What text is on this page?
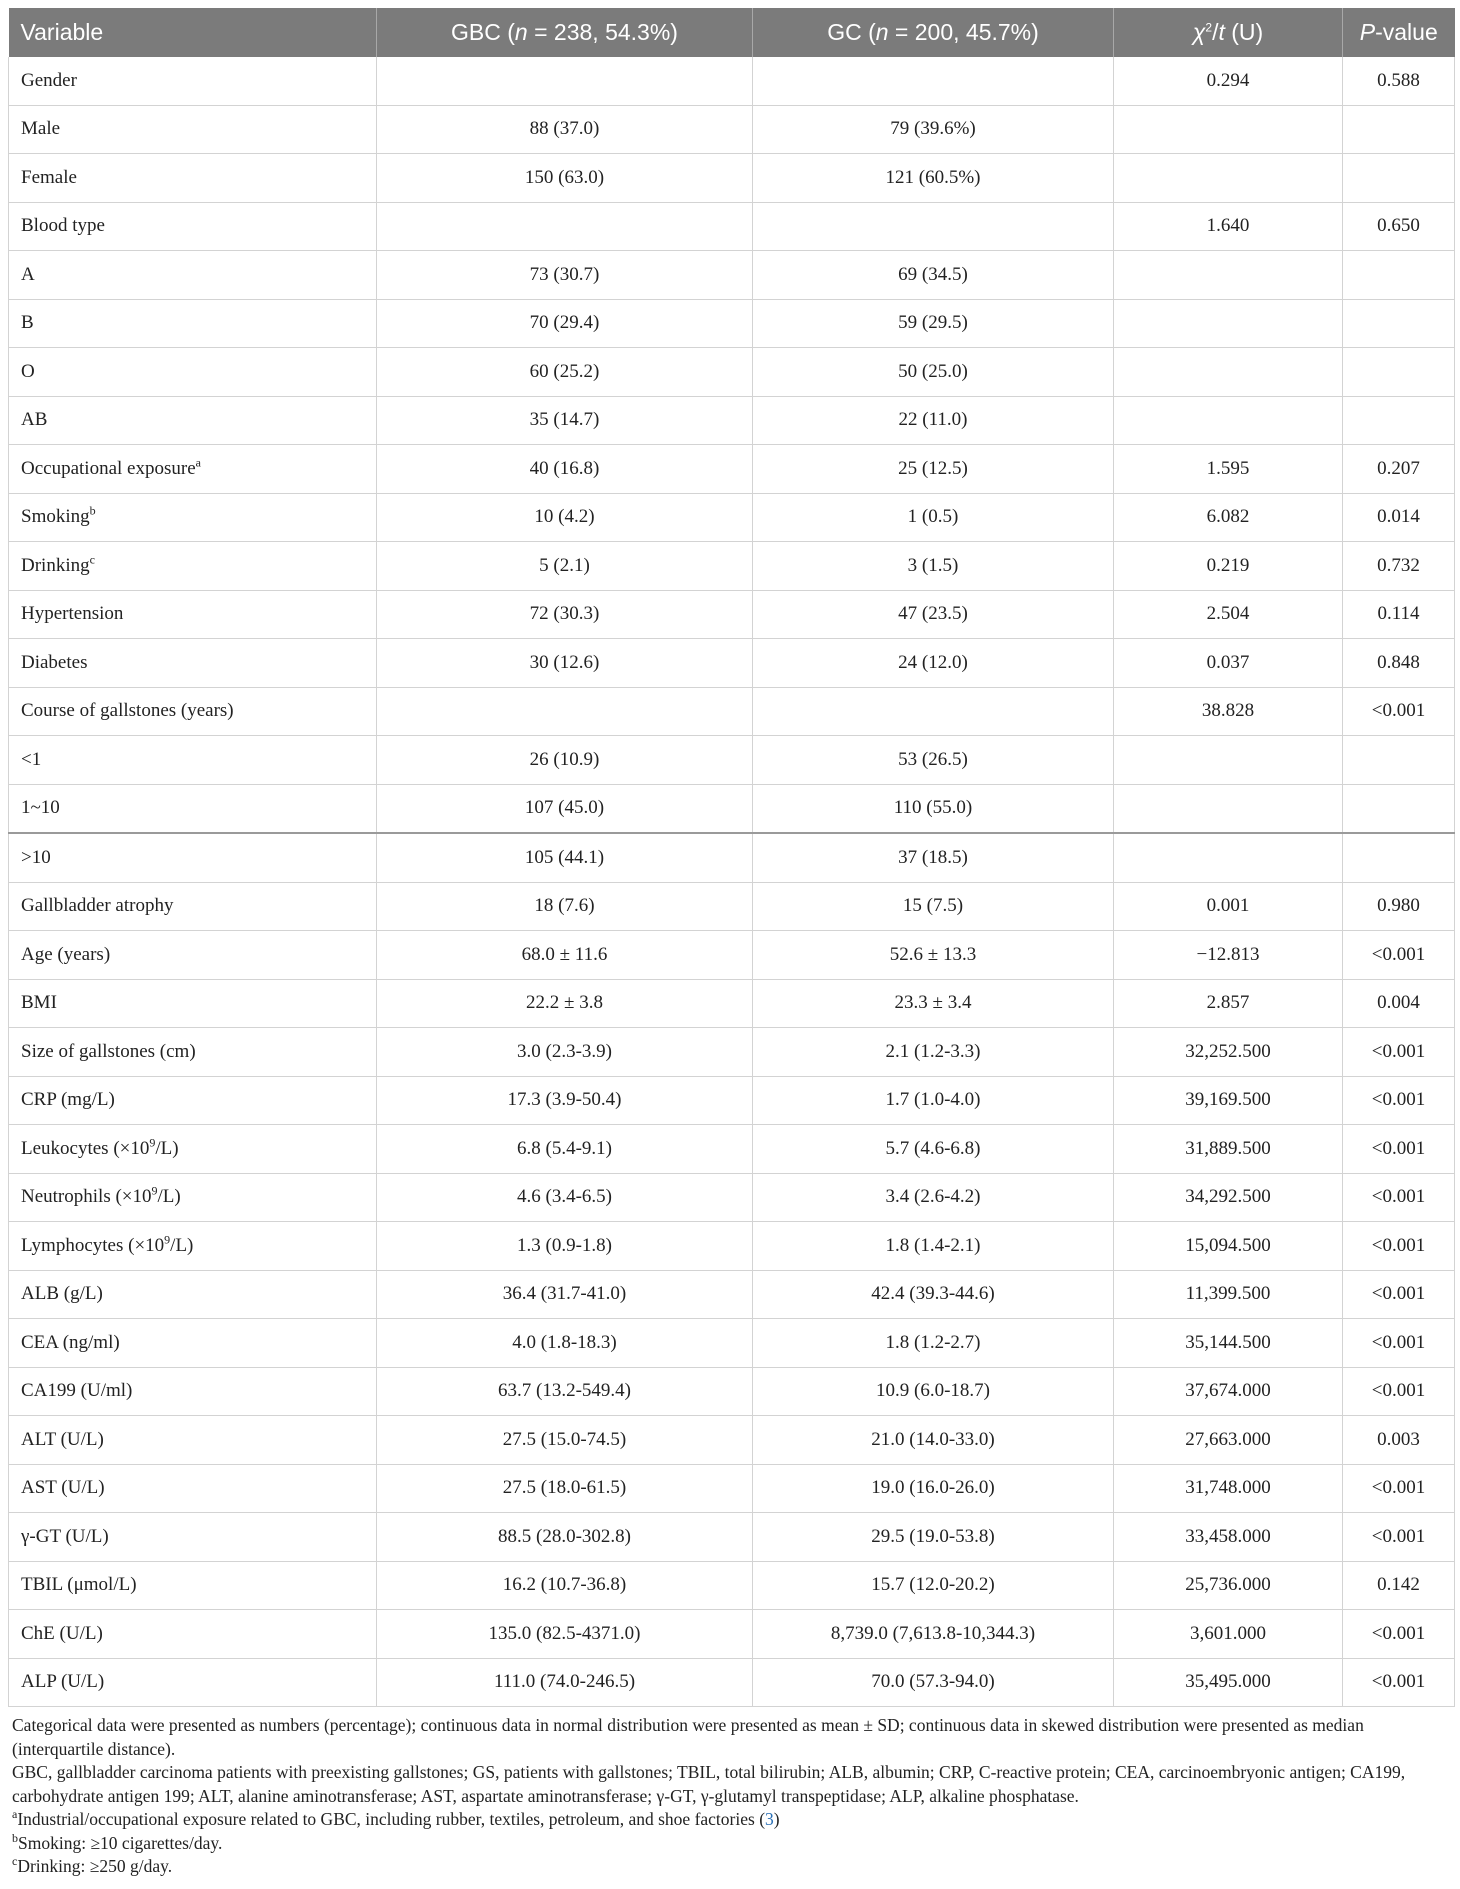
Variable	GBC (n = 238, 54.3%)	GC (n = 200, 45.7%)	$\chi^2/t$ (U)	P-value
Gender			0.294	0.588
Male	88 (37.0)	79 (39.6%)		
Female	150 (63.0)	121 (60.5%)		
Blood type			1.640	0.650
A	73 (30.7)	69 (34.5)		
B	70 (29.4)	59 (29.5)		
O	60 (25.2)	50 (25.0)		
AB	35 (14.7)	22 (11.0)		
Occupational exposure$^a$	40 (16.8)	25 (12.5)	1.595	0.207
Smoking$^b$	10 (4.2)	1 (0.5)	6.082	0.014
Drinking$^c$	5 (2.1)	3 (1.5)	0.219	0.732
Hypertension	72 (30.3)	47 (23.5)	2.504	0.114
Diabetes	30 (12.6)	24 (12.0)	0.037	0.848
Course of gallstones (years)			38.828	<0.001
<1	26 (10.9)	53 (26.5)		
1~10	107 (45.0)	110 (55.0)		
>10	105 (44.1)	37 (18.5)		
Gallbladder atrophy	18 (7.6)	15 (7.5)	0.001	0.980
Age (years)	68.0 ± 11.6	52.6 ± 13.3	−12.813	<0.001
BMI	22.2 ± 3.8	23.3 ± 3.4	2.857	0.004
Size of gallstones (cm)	3.0 (2.3-3.9)	2.1 (1.2-3.3)	32,252.500	<0.001
CRP (mg/L)	17.3 (3.9-50.4)	1.7 (1.0-4.0)	39,169.500	<0.001
Leukocytes $(\times 10^9/L)$	6.8 (5.4-9.1)	5.7 (4.6-6.8)	31,889.500	<0.001
Neutrophils $(\times 10^9/L)$	4.6 (3.4-6.5)	3.4 (2.6-4.2)	34,292.500	<0.001
Lymphocytes $(\times 10^9/L)$	1.3 (0.9-1.8)	1.8 (1.4-2.1)	15,094.500	<0.001
ALB (g/L)	36.4 (31.7-41.0)	42.4 (39.3-44.6)	11,399.500	<0.001
CEA (ng/ml)	4.0 (1.8-18.3)	1.8 (1.2-2.7)	35,144.500	<0.001
CA199 (U/ml)	63.7 (13.2-549.4)	10.9 (6.0-18.7)	37,674.000	<0.001
ALT (U/L)	27.5 (15.0-74.5)	21.0 (14.0-33.0)	27,663.000	0.003
AST (U/L)	27.5 (18.0-61.5)	19.0 (16.0-26.0)	31,748.000	<0.001
γ-GT (U/L)	88.5 (28.0-302.8)	29.5 (19.0-53.8)	33,458.000	<0.001
TBIL (μmol/L)	16.2 (10.7-36.8)	15.7 (12.0-20.2)	25,736.000	0.142
ChE (U/L)	135.0 (82.5-4371.0)	8,739.0 (7,613.8-10,344.3)	3,601.000	<0.001
ALP (U/L)	111.0 (74.0-246.5)	70.0 (57.3-94.0)	35,495.000	<0.001

Categorical data were presented as numbers (percentage); continuous data in normal distribution were presented as mean ± SD; continuous data in skewed distribution were presented as median (interquartile distance).

GBC, gallbladder carcinoma patients with preexisting gallstones; GS, patients with gallstones; TBIL, total bilirubin; ALB, albumin; CRP, C-reactive protein; CEA, carcinoembryonic antigen; CA199, carbohydrate antigen 199; ALT, alanine aminotransferase; AST, aspartate aminotransferase; γ-GT, γ-glutamyl transpeptidase; ALP, alkaline phosphatase.

$^a$Industrial/occupational exposure related to GBC, including rubber, textiles, petroleum, and shoe factories (3)

$^b$Smoking: ≥10 cigarettes/day.

$^c$Drinking: ≥250 g/day.
